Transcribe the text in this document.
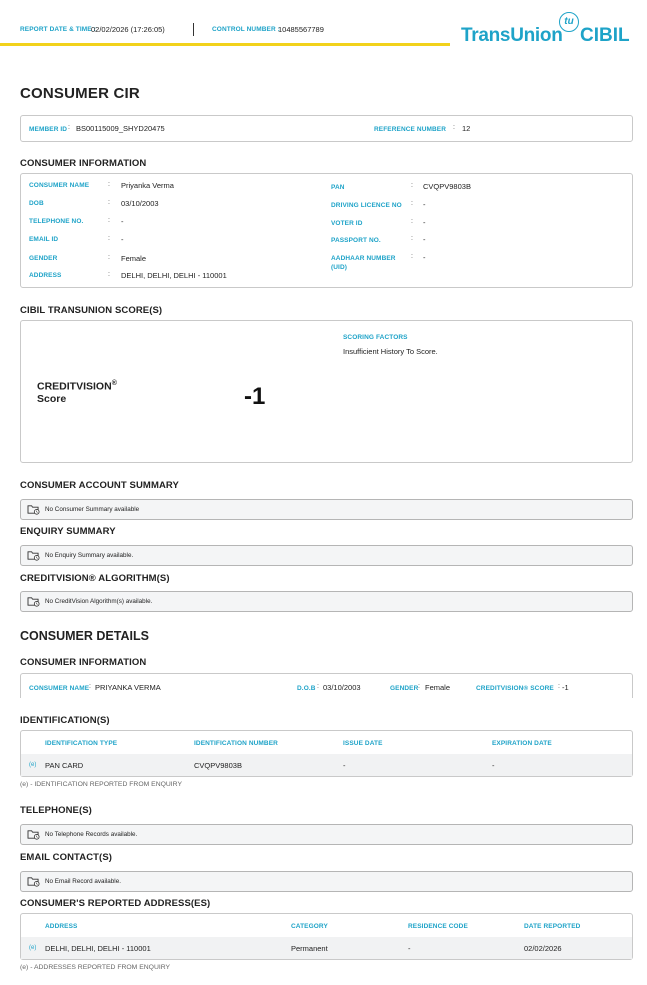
REPORT DATE & TIME :
02/02/2026 (17:26:05)	CONTROL NUMBER :
10485567789	TransUnion
tu
CIBIL
CONSUMER CIR
MEMBER ID : BS00115009_SHYD20475	REFERENCE NUMBER : 12
CONSUMER INFORMATION
CONSUMER NAME	: Priyanka Verma
DOB	: 03/10/2003
TELEPHONE NO.	: -
EMAIL ID	: -
GENDER	: Female
ADDRESS	: DELHI, DELHI, DELHI - 110001
PAN	: CVQPV9803B
DRIVING LICENCE NO : -
VOTER ID	: -
PASSPORT NO.	: -
AADHAAR NUMBER
(UID)
: -
CIBIL TRANSUNION SCORE(S)
CREDITVISION®
Score	-1
SCORING FACTORS
Insufficient History To Score.
CONSUMER ACCOUNT SUMMARY
No Consumer Summary available
ENQUIRY SUMMARY
No Enquiry Summary available.
CREDITVISION® ALGORITHM(S)
No CreditVision Algorithm(s) available.
CONSUMER DETAILS
CONSUMER INFORMATION
CONSUMER NAME : PRIYANKA VERMA	D.O.B : 03/10/2003	GENDER : Female	CREDITVISION® SCORE : -1
IDENTIFICATION(S)
IDENTIFICATION TYPE	IDENTIFICATION NUMBER	ISSUE DATE	EXPIRATION DATE
(e) PAN CARD	CVQPV9803B	-	-
(e) - IDENTIFICATION REPORTED FROM ENQUIRY
TELEPHONE(S)
No Telephone Records available.
EMAIL CONTACT(S)
No Email Record available.
CONSUMER'S REPORTED ADDRESS(ES)
ADDRESS	CATEGORY	RESIDENCE CODE	DATE REPORTED
(e) DELHI, DELHI, DELHI - 110001	Permanent	-	02/02/2026
(e) - ADDRESSES REPORTED FROM ENQUIRY
